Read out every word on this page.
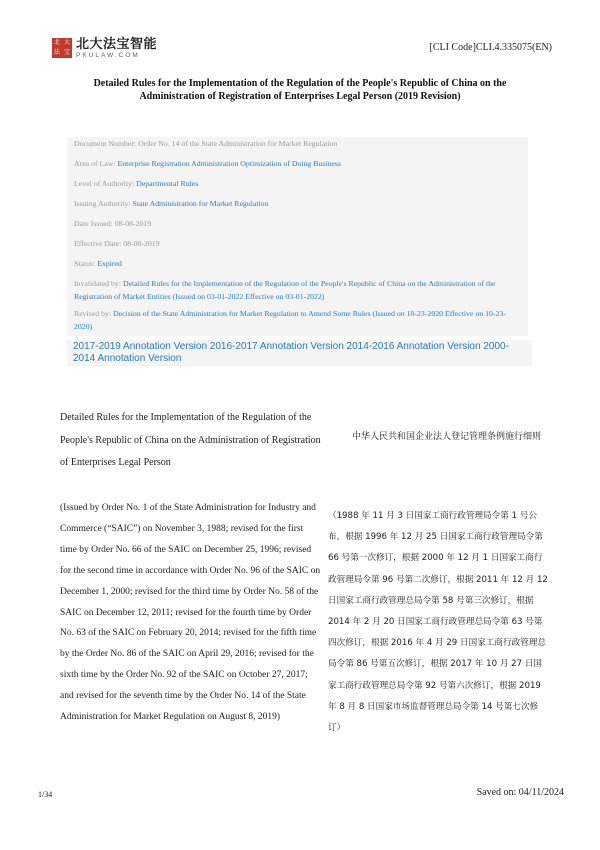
北 大
法 宝
北大法宝智能
PKULAW.COM
[CLI Code]CLI.4.335075(EN)
Detailed Rules for the Implementation of the Regulation of the People's Republic of China on the Administration of Registration of Enterprises Legal Person (2019 Revision)
Document Number: Order No. 14 of the State Administration for Market Regulation
Area of Law: Enterprise Registration Administration Optimization of Doing Business
Level of Authority: Departmental Rules
Issuing Authority: State Administration for Market Regulation
Date Issued: 08-08-2019
Effective Date: 08-08-2019
Status: Expired
Invalidated by: Detailed Rules for the Implementation of the Regulation of the People's Republic of China on the Administration of the Registration of Market Entities (Issued on 03-01-2022 Effective on 03-01-2022)
Revised by: Decision of the State Administration for Market Regulation to Amend Some Rules (Issued on 10-23-2020 Effective on 10-23-2020)
2017-2019 Annotation Version 2016-2017 Annotation Version 2014-2016 Annotation Version 2000-2014 Annotation Version
Detailed Rules for the Implementation of the Regulation of the People's Republic of China on the Administration of Registration of Enterprises Legal Person
中华人民共和国企业法人登记管理条例施行细则
(Issued by Order No. 1 of the State Administration for Industry and Commerce (“SAIC”) on November 3, 1988; revised for the first time by Order No. 66 of the SAIC on December 25, 1996; revised for the second time in accordance with Order No. 96 of the SAIC on December 1, 2000; revised for the third time by Order No. 58 of the SAIC on December 12, 2011; revised for the fourth time by Order No. 63 of the SAIC on February 20, 2014; revised for the fifth time by the Order No. 86 of the SAIC on April 29, 2016; revised for the sixth time by the Order No. 92 of the SAIC on October 27, 2017; and revised for the seventh time by the Order No. 14 of the State Administration for Market Regulation on August 8, 2019)
（1988 年 11 月 3 日国家工商行政管理局令第 1 号公布，根据 1996 年 12 月 25 日国家工商行政管理局令第 66 号第一次修订，根据 2000 年 12 月 1 日国家工商行政管理局令第 96 号第二次修订，根据 2011 年 12 月 12 日国家工商行政管理总局令第 58 号第三次修订，根据 2014 年 2 月 20 日国家工商行政管理总局令第 63 号第四次修订，根据 2016 年 4 月 29 日国家工商行政管理总局令第 86 号第五次修订，根据 2017 年 10 月 27 日国家工商行政管理总局令第 92 号第六次修订，根据 2019 年 8 月 8 日国家市场监督管理总局令第 14 号第七次修订）
1/34	Saved on: 04/11/2024
